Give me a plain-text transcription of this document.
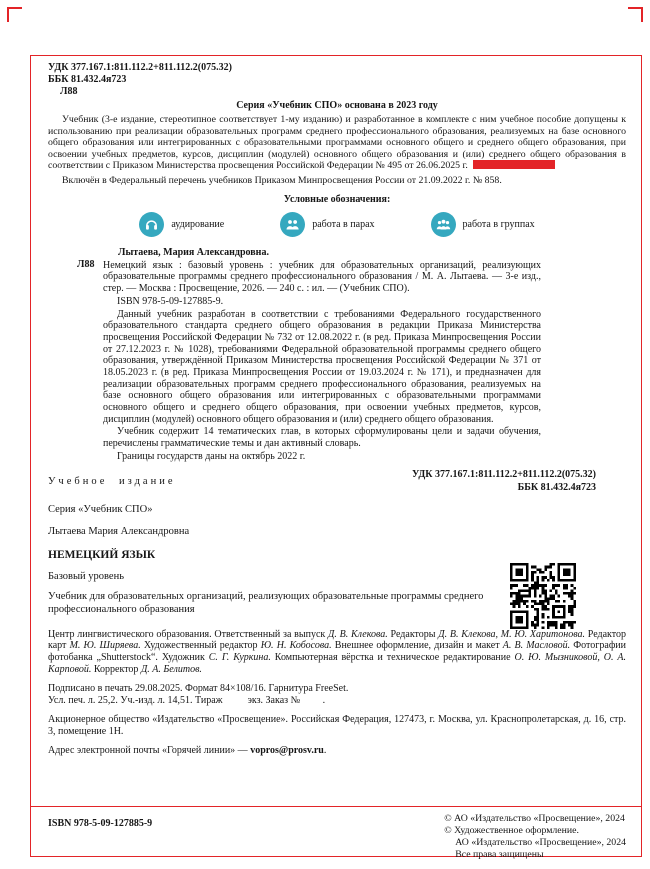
УДК 377.167.1:811.112.2+811.112.2(075.32)
ББК 81.432.4я723
Л88
Серия «Учебник СПО» основана в 2023 году

Учебник (3-е издание, стереотипное соответствует 1-му изданию) и разработанное в комплекте с ним учебное пособие допущены к использованию при реализации образовательных программ среднего профессионального образования, реализуемых на базе основного общего образования или интегрированных с образовательными программами основного общего и среднего общего образования, при освоении учебных предметов, курсов, дисциплин (модулей) основного общего образования и (или) среднего общего образования в соответствии с Приказом Министерства просвещения Российской Федерации № 495 от 26.06.2025 г.

Включён в Федеральный перечень учебников Приказом Минпросвещения России от 21.09.2022 г. № 858.

Условные обозначения:
аудирование	работа в парах	работа в группах
Лытаева, Мария Александровна.
Л88 Немецкий язык : базовый уровень : учебник для образовательных организаций, реализующих образовательные программы среднего профессионального образования / М. А. Лытаева. — 3-е изд., стер. — Москва : Просвещение, 2026. — 240 с. : ил. — (Учебник СПО).

ISBN 978-5-09-127885-9.

Данный учебник разработан в соответствии с требованиями Федерального государственного образовательного стандарта среднего общего образования в редакции Приказа Министерства просвещения Российской Федерации № 732 от 12.08.2022 г. (в ред. Приказа Минпросвещения России от 27.12.2023 г. № 1028), требованиями Федеральной образовательной программы среднего общего образования, утверждённой Приказом Министерства просвещения Российской Федерации № 371 от 18.05.2023 г. (в ред. Приказа Минпросвещения России от 19.03.2024 г. № 171), и предназначен для реализации образовательных программ среднего профессионального образования, реализуемых на базе основного общего образования или интегрированных с образовательными программами основного общего и среднего общего образования, при освоении учебных предметов, курсов, дисциплин (модулей) основного общего образования и (или) среднего общего образования.

Учебник содержит 14 тематических глав, в которых сформулированы цели и задачи обучения, перечислены грамматические темы и дан активный словарь.

Границы государств даны на октябрь 2022 г.

Учебное издание
УДК 377.167.1:811.112.2+811.112.2(075.32)
ББК 81.432.4я723
Серия «Учебник СПО»
Лытаева Мария Александровна
НЕМЕЦКИЙ ЯЗЫК
Базовый уровень

Учебник для образовательных организаций, реализующих образовательные программы среднего профессионального образования

Центр лингвистического образования. Ответственный за выпуск Д. В. Клекова. Редакторы Д. В. Клекова, М. Ю. Харитонова. Редактор карт М. Ю. Ширяева. Художественный редактор Ю. Н. Кобосова. Внешнее оформление, дизайн и макет А. В. Масловой. Фотографии фотобанка „Shutterstock“. Художник С. Г. Куркина. Компьютерная вёрстка и техническое редактирование О. Ю. Мызниковой, О. А. Карповой. Корректор Д. А. Белитов.

Подписано в печать 29.08.2025. Формат 84×108/16. Гарнитура FreeSet.

Усл. печ. л. 25,2. Уч.-изд. л. 14,51. Тираж          экз. Заказ №         .

Акционерное общество «Издательство «Просвещение». Российская Федерация, 127473, г. Москва, ул. Краснопролетарская, д. 16, стр. 3, помещение 1Н.

Адрес электронной почты «Горячей линии» — vopros@prosv.ru.

ISBN 978-5-09-127885-9	© АО «Издательство «Просвещение», 2024
© Художественное оформление.
АО «Издательство «Просвещение», 2024
Все права защищены
